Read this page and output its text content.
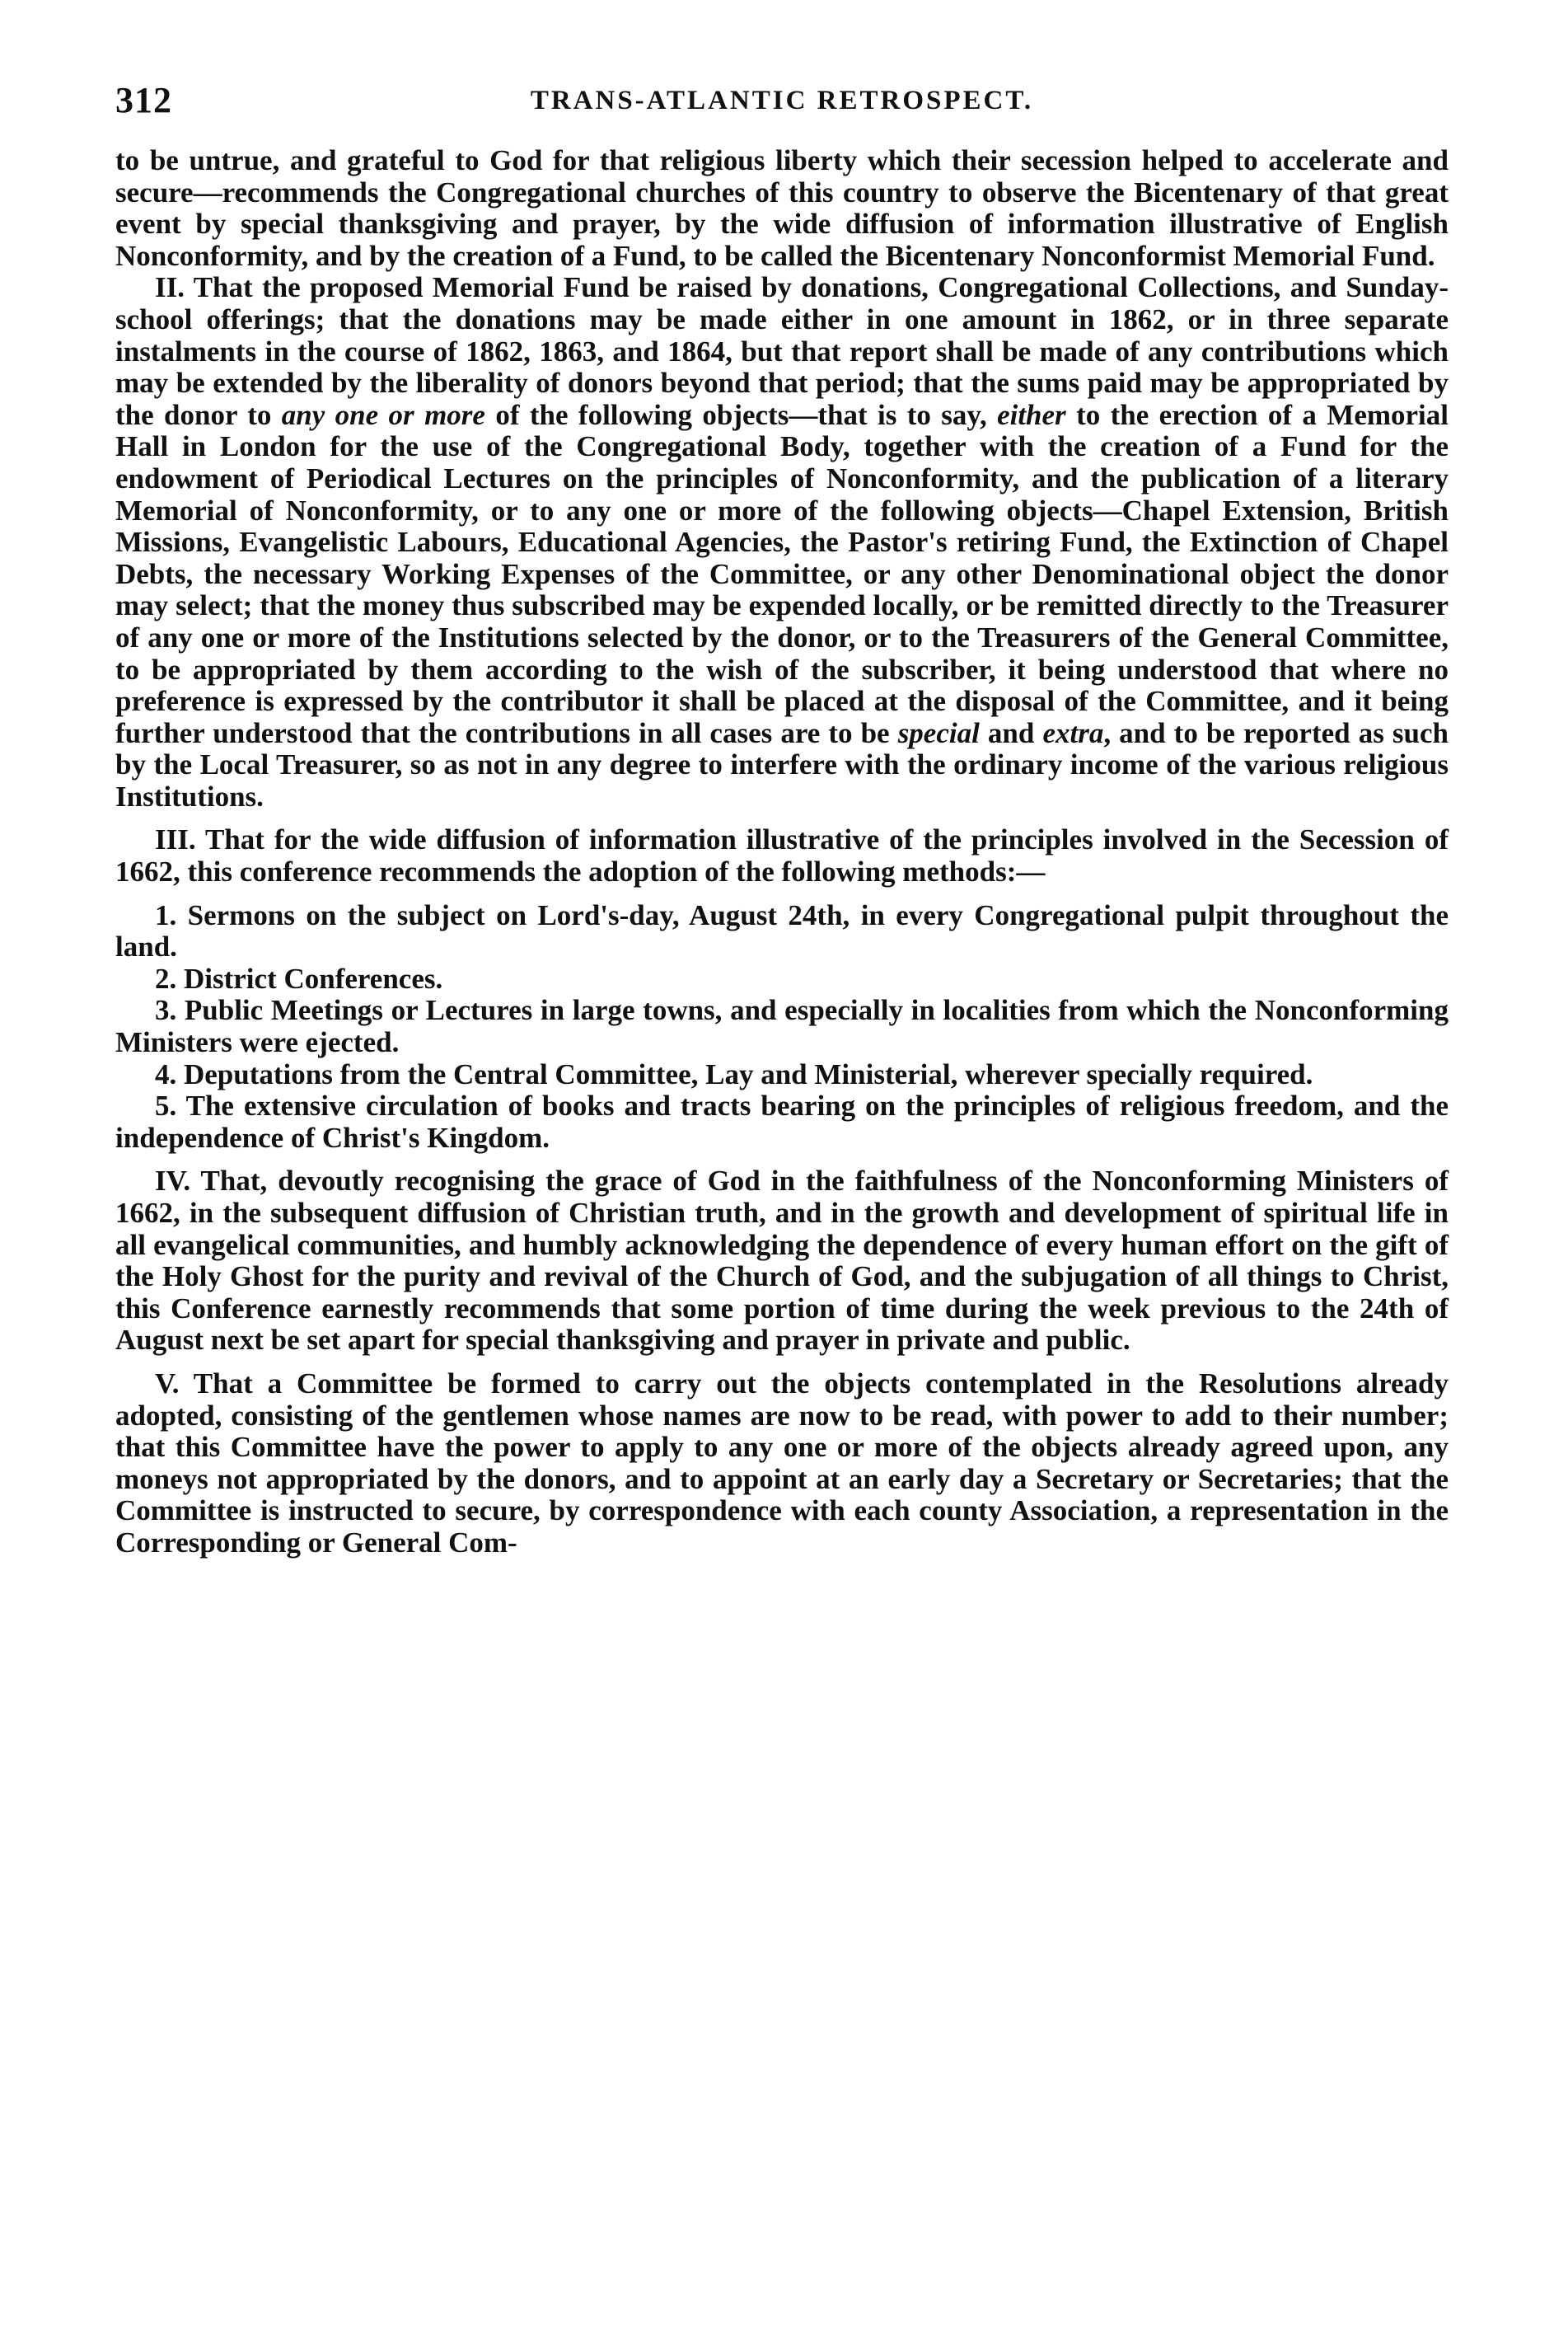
312	TRANS-ATLANTIC RETROSPECT.

to be untrue, and grateful to God for that religious liberty which their secession helped to accelerate and secure—recommends the Congregational churches of this country to observe the Bicentenary of that great event by special thanksgiving and prayer, by the wide diffusion of information illustrative of English Nonconformity, and by the creation of a Fund, to be called the Bicentenary Nonconformist Memorial Fund.

II. That the proposed Memorial Fund be raised by donations, Congregational Collections, and Sunday-school offerings; that the donations may be made either in one amount in 1862, or in three separate instalments in the course of 1862, 1863, and 1864, but that report shall be made of any contributions which may be extended by the liberality of donors beyond that period; that the sums paid may be appropriated by the donor to any one or more of the following objects—that is to say, either to the erection of a Memorial Hall in London for the use of the Congregational Body, together with the creation of a Fund for the endowment of Periodical Lectures on the principles of Nonconformity, and the publication of a literary Memorial of Nonconformity, or to any one or more of the following objects—Chapel Extension, British Missions, Evangelistic Labours, Educational Agencies, the Pastor's retiring Fund, the Extinction of Chapel Debts, the necessary Working Expenses of the Committee, or any other Denominational object the donor may select; that the money thus subscribed may be expended locally, or be remitted directly to the Treasurer of any one or more of the Institutions selected by the donor, or to the Treasurers of the General Committee, to be appropriated by them according to the wish of the subscriber, it being understood that where no preference is expressed by the contributor it shall be placed at the disposal of the Committee, and it being further understood that the contributions in all cases are to be special and extra, and to be reported as such by the Local Treasurer, so as not in any degree to interfere with the ordinary income of the various religious Institutions.

III. That for the wide diffusion of information illustrative of the principles involved in the Secession of 1662, this conference recommends the adoption of the following methods:—

1. Sermons on the subject on Lord's-day, August 24th, in every Congregational pulpit throughout the land.

2. District Conferences.

3. Public Meetings or Lectures in large towns, and especially in localities from which the Nonconforming Ministers were ejected.

4. Deputations from the Central Committee, Lay and Ministerial, wherever specially required.

5. The extensive circulation of books and tracts bearing on the principles of religious freedom, and the independence of Christ's Kingdom.

IV. That, devoutly recognising the grace of God in the faithfulness of the Nonconforming Ministers of 1662, in the subsequent diffusion of Christian truth, and in the growth and development of spiritual life in all evangelical communities, and humbly acknowledging the dependence of every human effort on the gift of the Holy Ghost for the purity and revival of the Church of God, and the subjugation of all things to Christ, this Conference earnestly recommends that some portion of time during the week previous to the 24th of August next be set apart for special thanksgiving and prayer in private and public.

V. That a Committee be formed to carry out the objects contemplated in the Resolutions already adopted, consisting of the gentlemen whose names are now to be read, with power to add to their number; that this Committee have the power to apply to any one or more of the objects already agreed upon, any moneys not appropriated by the donors, and to appoint at an early day a Secretary or Secretaries; that the Committee is instructed to secure, by correspondence with each county Association, a representation in the Corresponding or General Com-
